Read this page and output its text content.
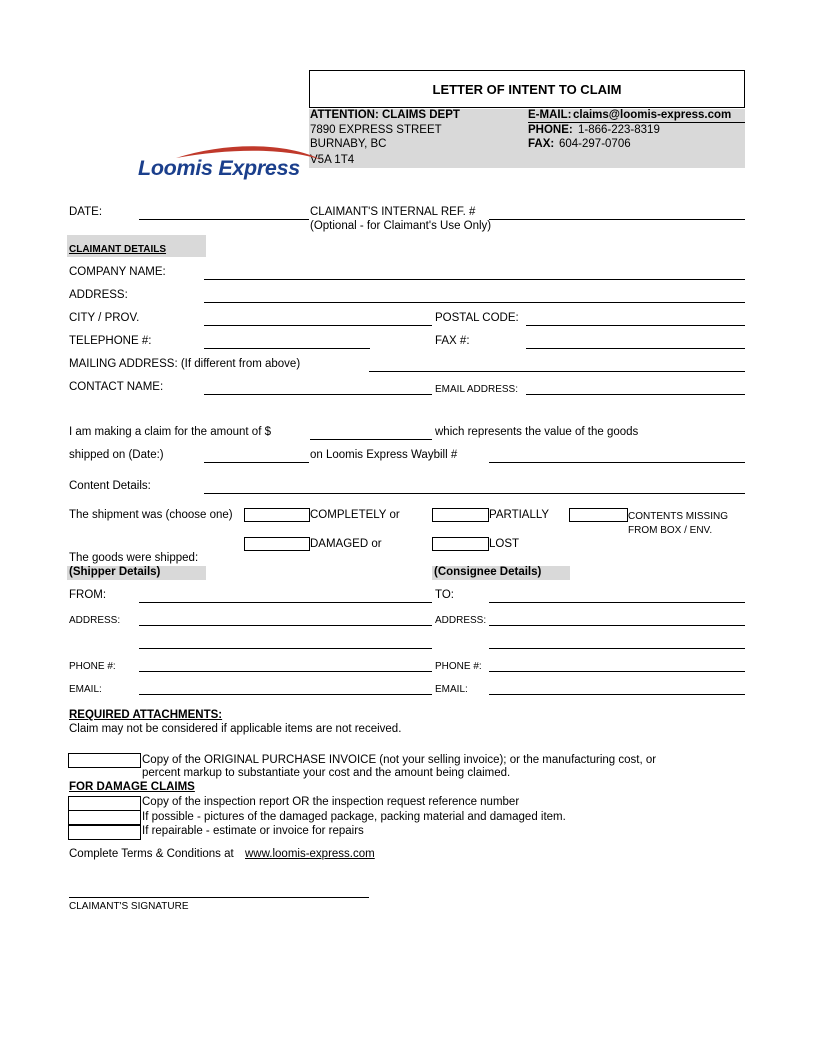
LETTER OF INTENT TO CLAIM
ATTENTION: CLAIMS DEPT
7890 EXPRESS STREET
BURNABY, BC
V5A 1T4
E-MAIL: claims@loomis-express.com
PHONE: 1-866-223-8319
FAX: 604-297-0706
Loomis Express
DATE:	CLAIMANT'S INTERNAL REF. #
(Optional - for Claimant's Use Only)
CLAIMANT DETAILS
COMPANY NAME:
ADDRESS:
CITY / PROV.	POSTAL CODE:
TELEPHONE #:	FAX #:
MAILING ADDRESS: (If different from above)
CONTACT NAME:	EMAIL ADDRESS:
I am making a claim for the amount of $	which represents the value of the goods
shipped on (Date:)	on Loomis Express Waybill #
Content Details:
The shipment was (choose one)	COMPLETELY or	PARTIALLY	CONTENTS MISSING
FROM BOX / ENV.
DAMAGED or	LOST
The goods were shipped:
(Shipper Details)	(Consignee Details)
FROM:	TO:
ADDRESS:	ADDRESS:
PHONE #:	PHONE #:
EMAIL:	EMAIL:
REQUIRED ATTACHMENTS:
Claim may not be considered if applicable items are not received.
Copy of the ORIGINAL PURCHASE INVOICE (not your selling invoice); or the manufacturing cost, or
percent markup to substantiate your cost and the amount being claimed.
FOR DAMAGE CLAIMS
Copy of the inspection report OR the inspection request reference number
If possible - pictures of the damaged package, packing material and damaged item.
If repairable - estimate or invoice for repairs
Complete Terms & Conditions at www.loomis-express.com
CLAIMANT'S SIGNATURE
